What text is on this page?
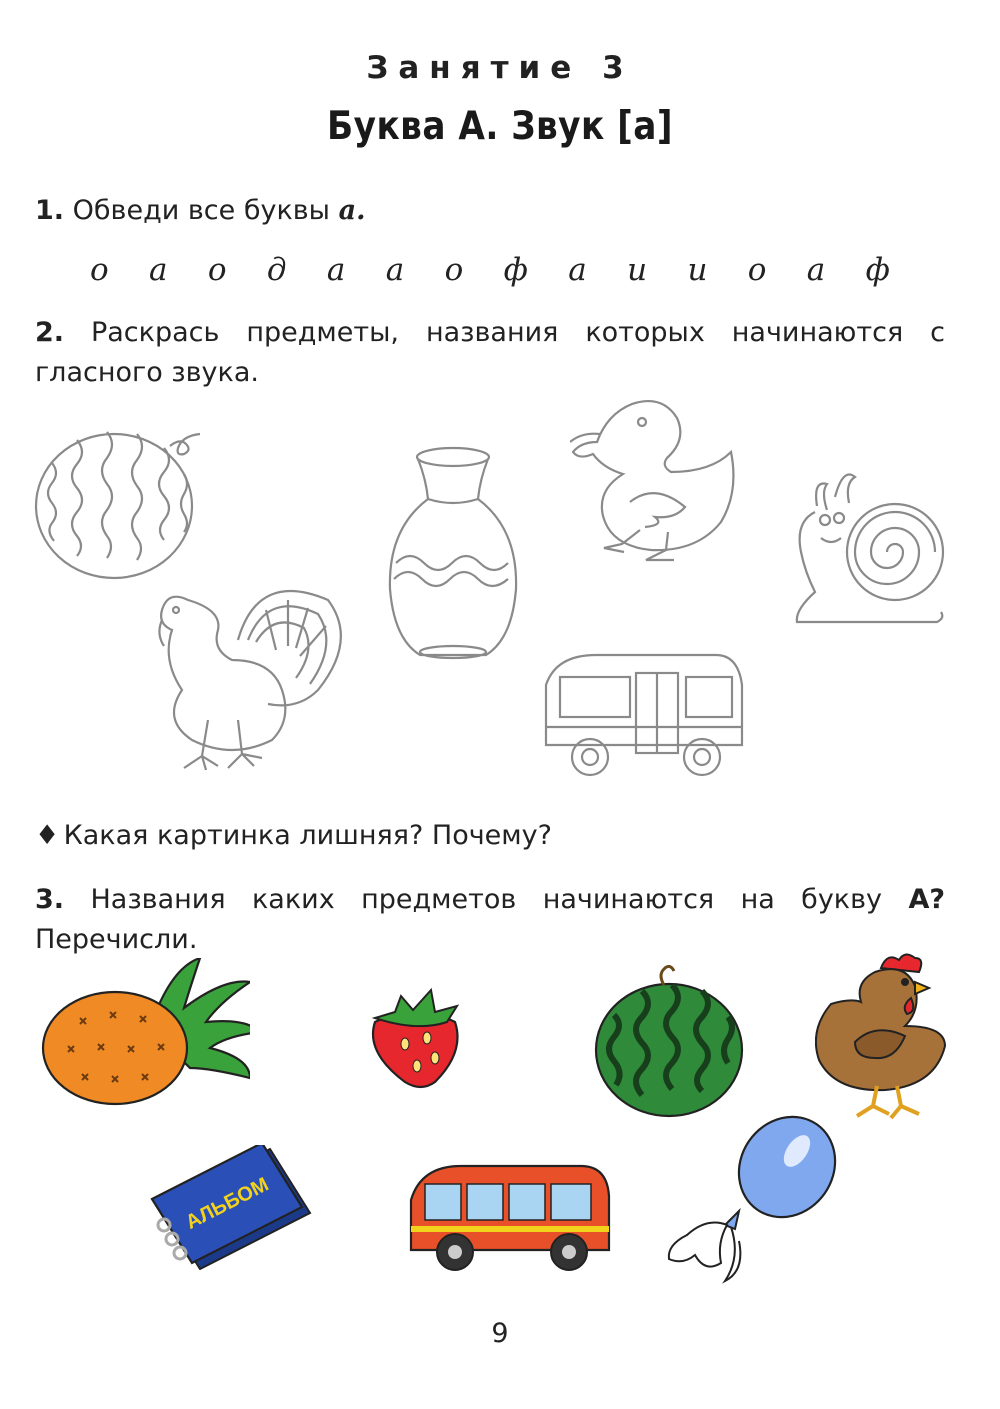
Занятие 3
Буква А. Звук [а]
1. Обведи все буквы а.
о а о д а а о ф а и и о а ф
2. Раскрась предметы, названия которых начинаются с гласного звука.
♦ Какая картинка лишняя? Почему?
3. Названия каких предметов начинаются на букву А? Перечисли.
АЛЬБОМ
9
